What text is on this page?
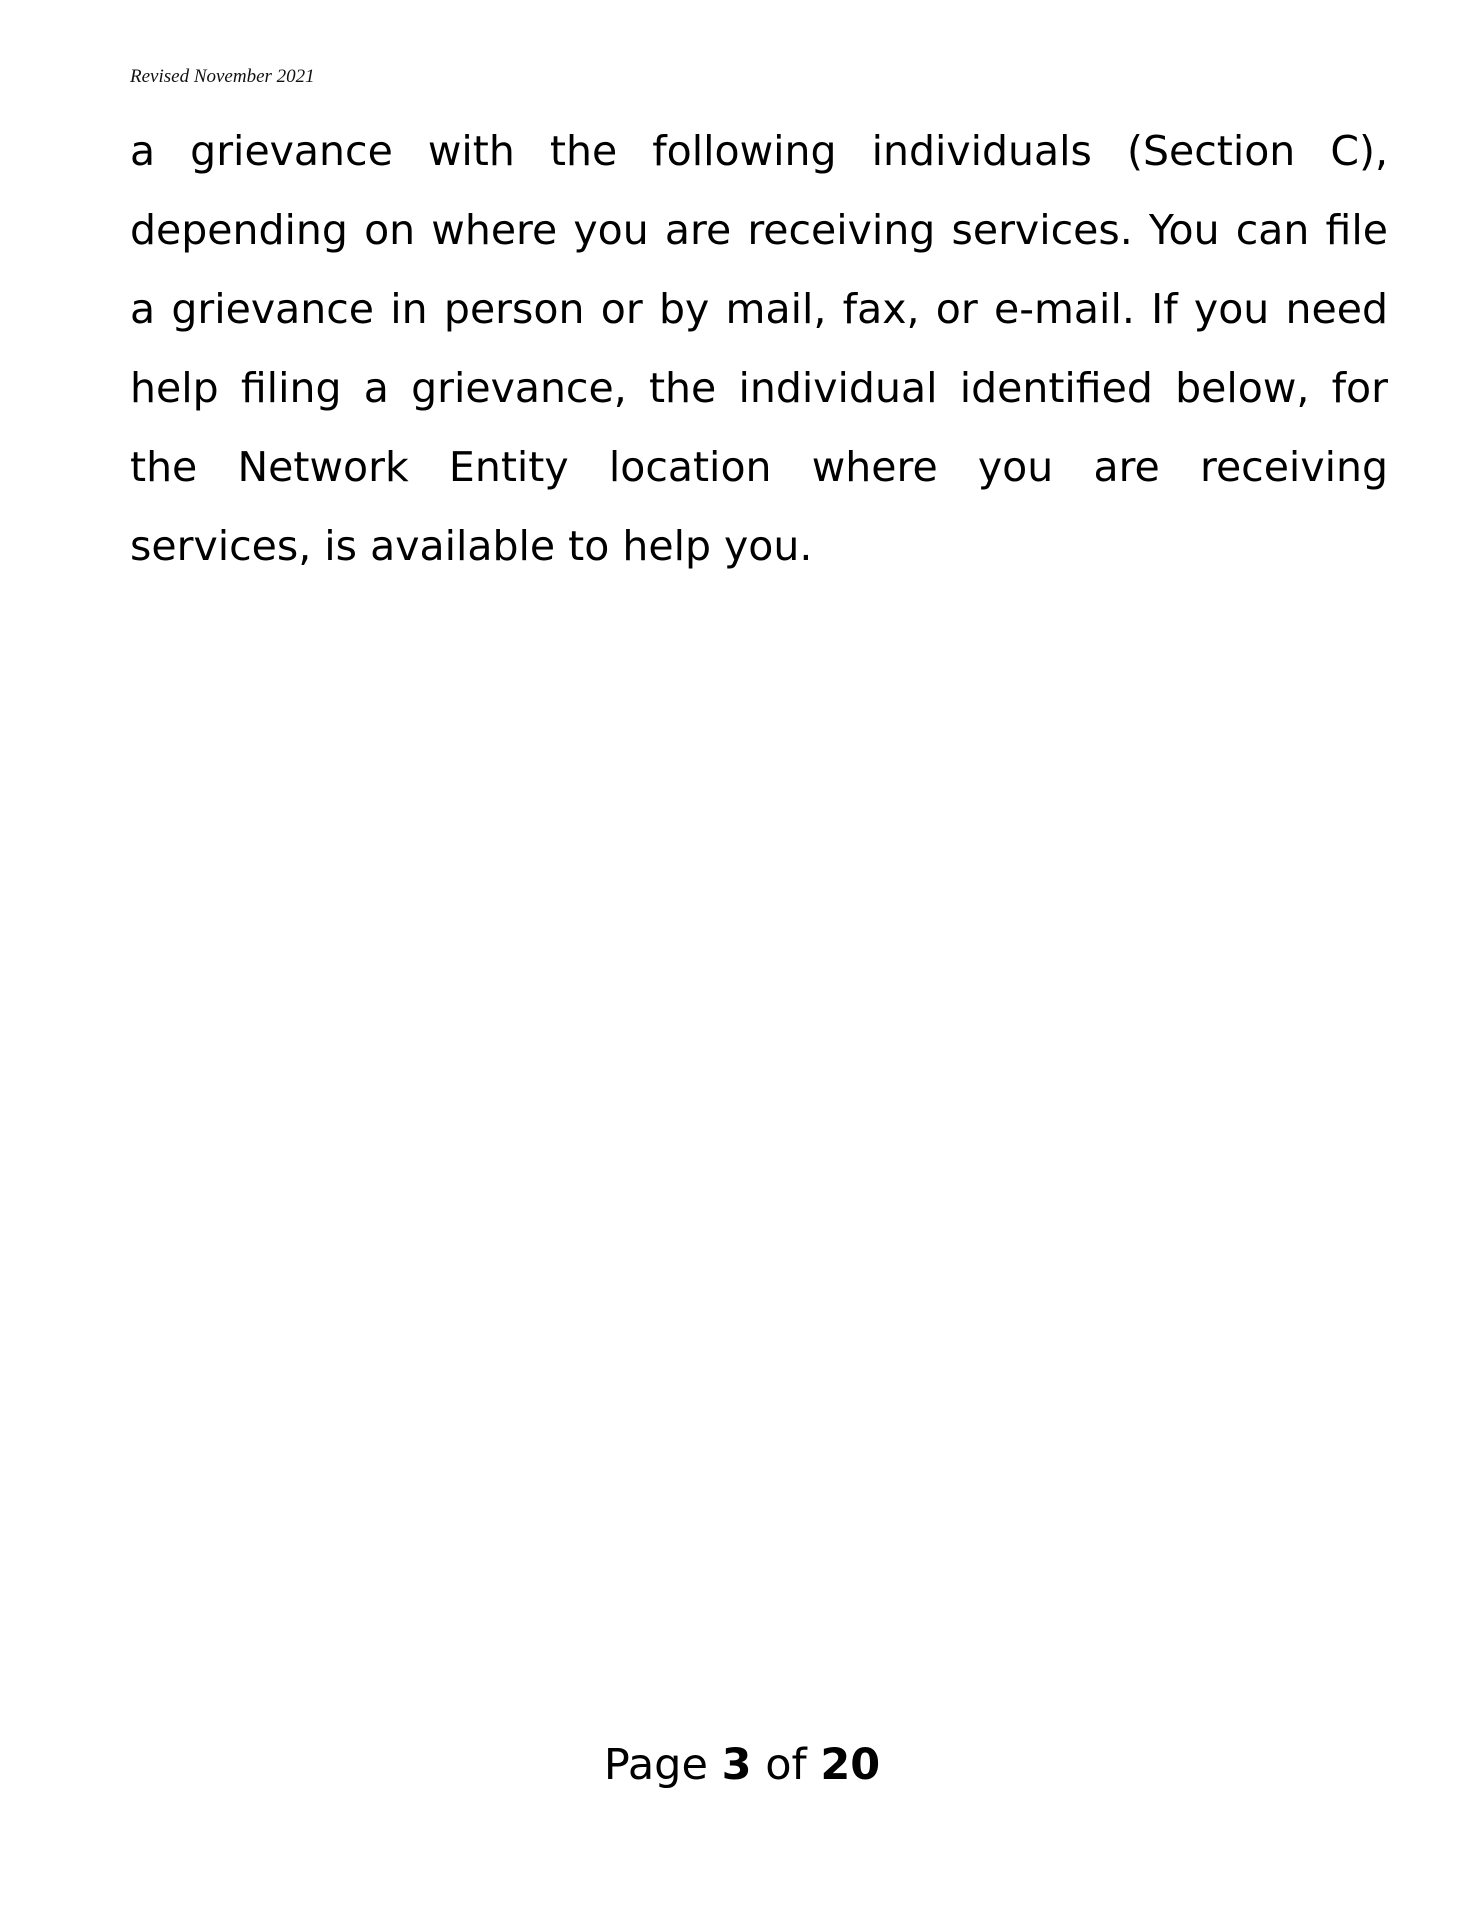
Revised November 2021

a grievance with the following individuals (Section C), depending on where you are receiving services. You can file a grievance in person or by mail, fax, or e-mail. If you need help filing a grievance, the individual identified below, for the Network Entity location where you are receiving services, is available to help you.

Page 3 of 20
